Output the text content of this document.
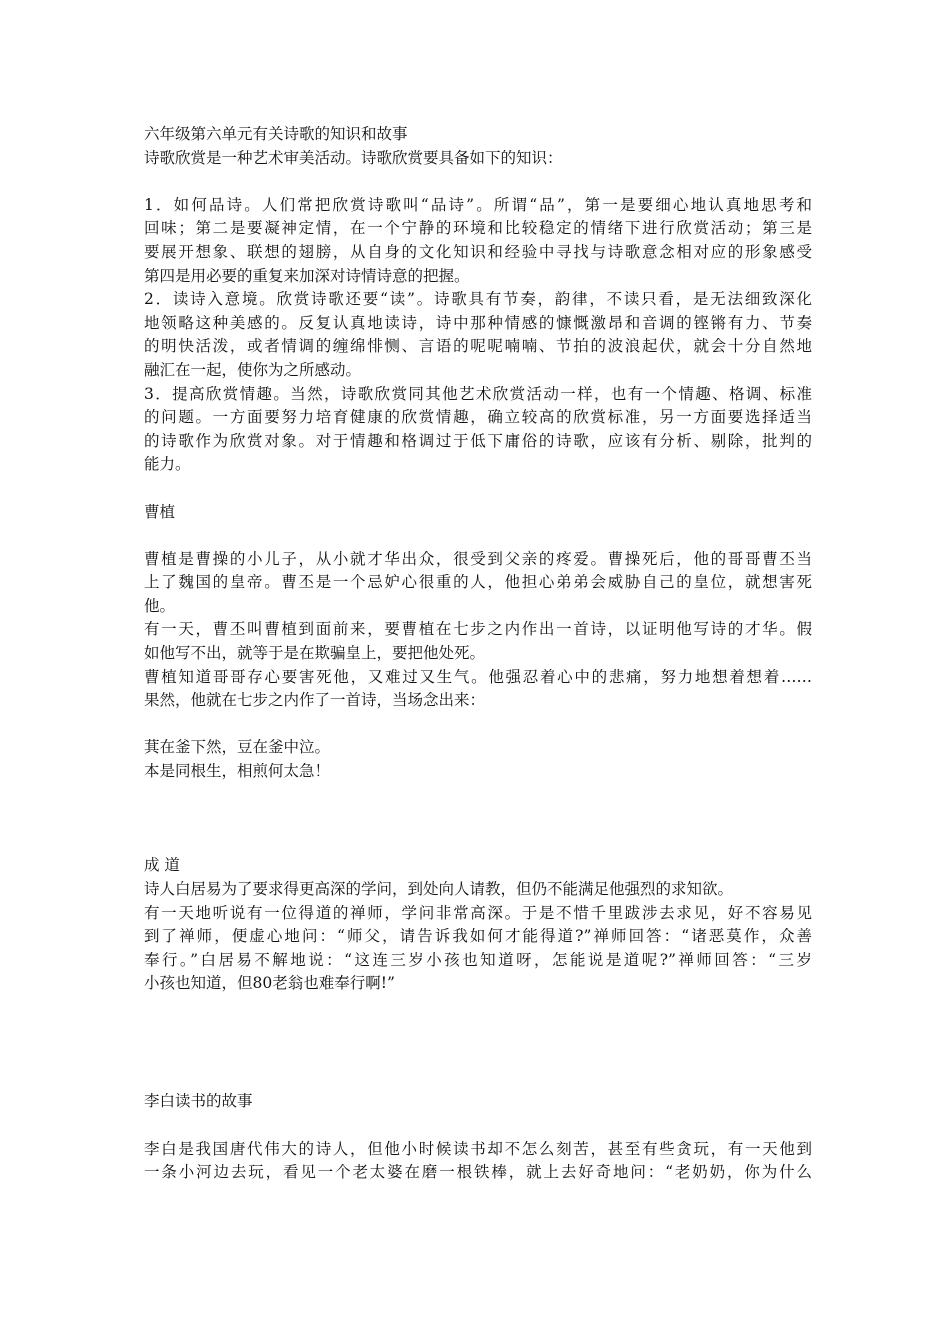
六年级第六单元有关诗歌的知识和故事
诗歌欣赏是一种艺术审美活动。诗歌欣赏要具备如下的知识：
1．如何品诗。人们常把欣赏诗歌叫“品诗”。所谓“品”，第一是要细心地认真地思考和
回味；第二是要凝神定情，在一个宁静的环境和比较稳定的情绪下进行欣赏活动；第三是
要展开想象、联想的翅膀，从自身的文化知识和经验中寻找与诗歌意念相对应的形象感受
第四是用必要的重复来加深对诗情诗意的把握。
2．读诗入意境。欣赏诗歌还要“读”。诗歌具有节奏，韵律，不读只看，是无法细致深化
地领略这种美感的。反复认真地读诗，诗中那种情感的慷慨激昂和音调的铿锵有力、节奏
的明快活泼，或者情调的缠绵悱恻、言语的呢呢喃喃、节拍的波浪起伏，就会十分自然地
融汇在一起，使你为之所感动。
3．提高欣赏情趣。当然，诗歌欣赏同其他艺术欣赏活动一样，也有一个情趣、格调、标准
的问题。一方面要努力培育健康的欣赏情趣，确立较高的欣赏标准，另一方面要选择适当
的诗歌作为欣赏对象。对于情趣和格调过于低下庸俗的诗歌，应该有分析、剔除，批判的
能力。
曹植
曹植是曹操的小儿子，从小就才华出众，很受到父亲的疼爱。曹操死后，他的哥哥曹丕当
上了魏国的皇帝。曹丕是一个忌妒心很重的人，他担心弟弟会威胁自己的皇位，就想害死
他。
有一天，曹丕叫曹植到面前来，要曹植在七步之内作出一首诗，以证明他写诗的才华。假
如他写不出，就等于是在欺骗皇上，要把他处死。
曹植知道哥哥存心要害死他，又难过又生气。他强忍着心中的悲痛，努力地想着想着……
果然，他就在七步之内作了一首诗，当场念出来：
萁在釜下然，豆在釜中泣。
本是同根生，相煎何太急！
成 道
诗人白居易为了要求得更高深的学问，到处向人请教，但仍不能满足他强烈的求知欲。
有一天地听说有一位得道的禅师，学问非常高深。于是不惜千里跋涉去求见，好不容易见
到了禅师，便虚心地问：“师父，请告诉我如何才能得道?”禅师回答：“诸恶莫作，众善
奉行。”白居易不解地说：“这连三岁小孩也知道呀，怎能说是道呢?”禅师回答：“三岁
小孩也知道，但80老翁也难奉行啊!”
李白读书的故事
李白是我国唐代伟大的诗人，但他小时候读书却不怎么刻苦，甚至有些贪玩，有一天他到
一条小河边去玩，看见一个老太婆在磨一根铁棒，就上去好奇地问：“老奶奶，你为什么
